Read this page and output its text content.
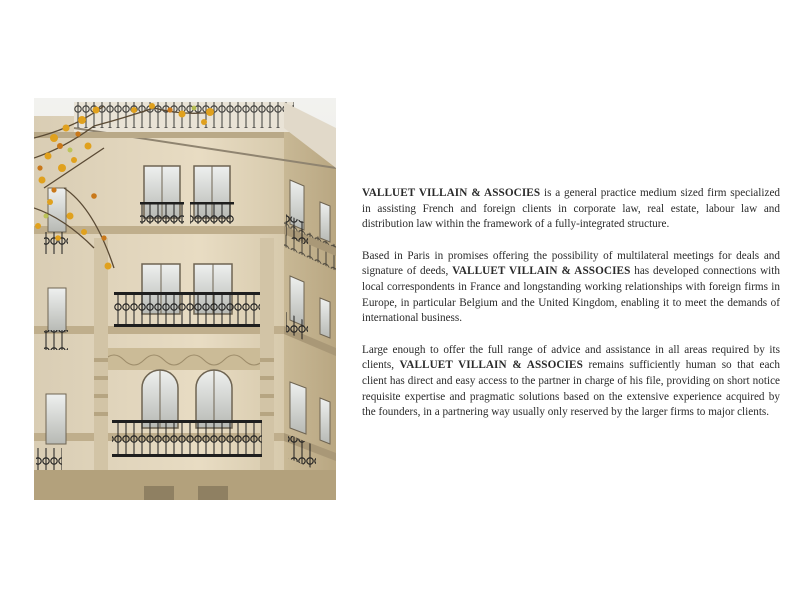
VALLUET VILLAIN & ASSOCIES is a general practice medium sized firm specialized in assisting French and foreign clients in corporate law, real estate, labour law and distribution law within the framework of a fully-integrated structure.

Based in Paris in promises offering the possibility of multilateral meetings for deals and signature of deeds, VALLUET VILLAIN & ASSOCIES has developed connections with local correspondents in France and longstanding working relationships with foreign firms in Europe, in particular Belgium and the United Kingdom, enabling it to meet the demands of international business.

Large enough to offer the full range of advice and assistance in all areas required by its clients, VALLUET VILLAIN & ASSOCIES remains sufficiently human so that each client has direct and easy access to the partner in charge of his file, providing on short notice requisite expertise and pragmatic solutions based on the extensive experience acquired by the founders, in a partnering way usually only reserved by the larger firms to major clients.
